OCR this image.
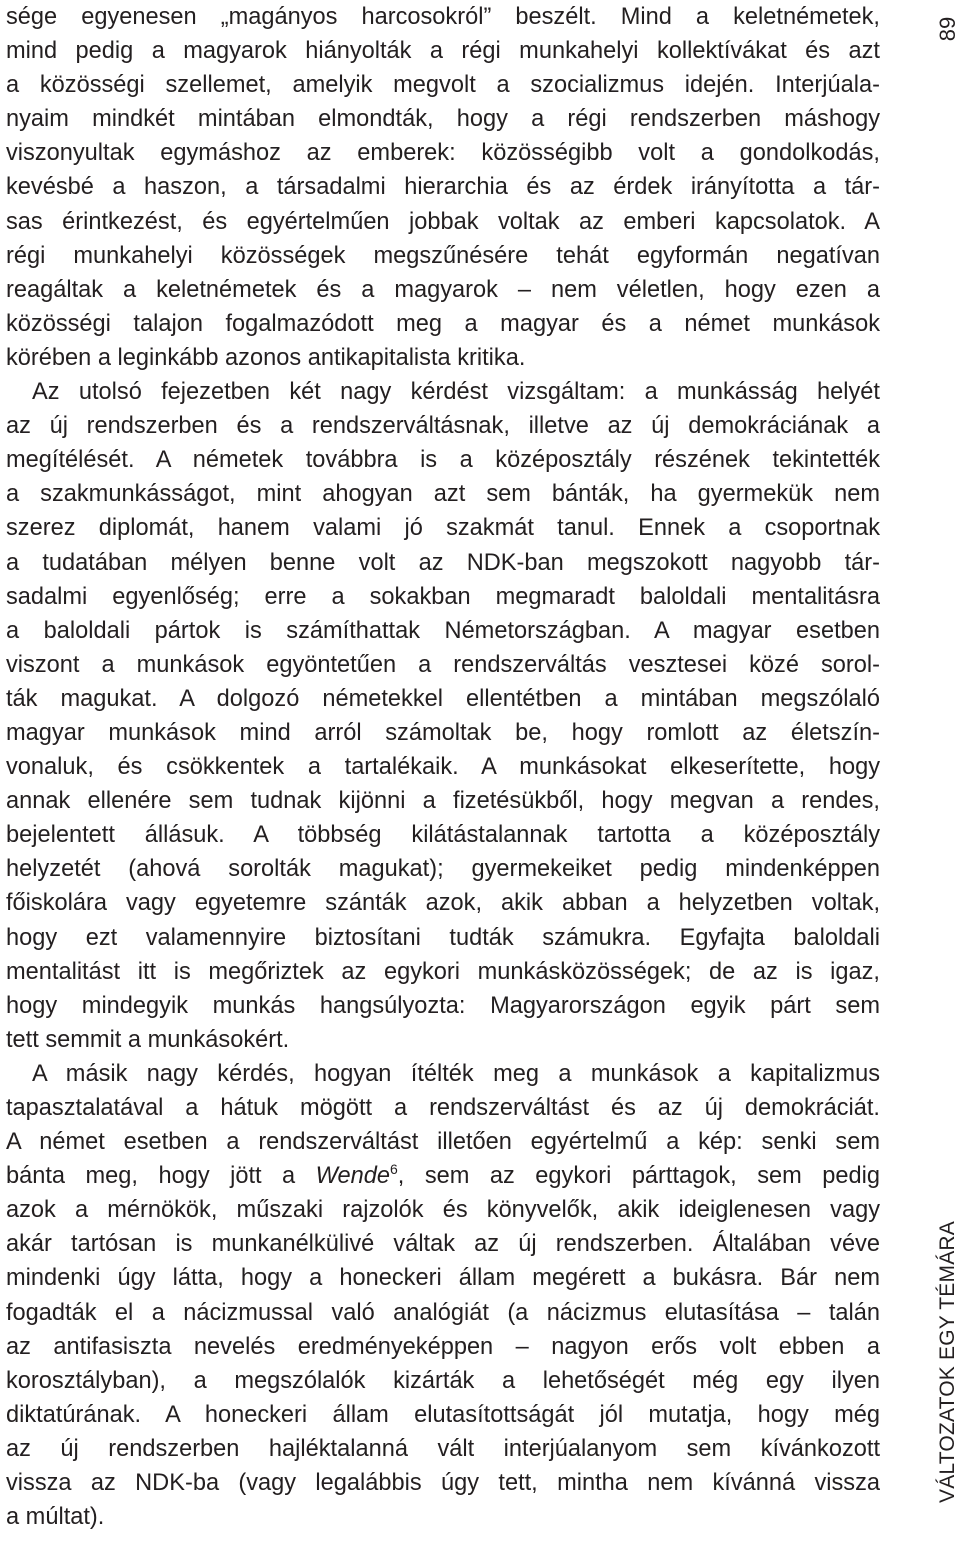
sége egyenesen „magányos harcosokról” beszélt. Mind a keletnémetek,
mind pedig a magyarok hiányolták a régi munkahelyi kollektívákat és azt
a közösségi szellemet, amelyik megvolt a szocializmus idején. Interjúala-
nyaim mindkét mintában elmondták, hogy a régi rendszerben máshogy
viszonyultak egymáshoz az emberek: közösségibb volt a gondolkodás,
kevésbé a haszon, a társadalmi hierarchia és az érdek irányította a tár-
sas érintkezést, és egyértelműen jobbak voltak az emberi kapcsolatok. A
régi munkahelyi közösségek megszűnésére tehát egyformán negatívan
reagáltak a keletnémetek és a magyarok – nem véletlen, hogy ezen a
közösségi talajon fogalmazódott meg a magyar és a német munkások
körében a leginkább azonos antikapitalista kritika.
Az utolsó fejezetben két nagy kérdést vizsgáltam: a munkásság helyét
az új rendszerben és a rendszerváltásnak, illetve az új demokráciának a
megítélését. A németek továbbra is a középosztály részének tekintették
a szakmunkásságot, mint ahogyan azt sem bánták, ha gyermekük nem
szerez diplomát, hanem valami jó szakmát tanul. Ennek a csoportnak
a tudatában mélyen benne volt az NDK-ban megszokott nagyobb tár-
sadalmi egyenlőség; erre a sokakban megmaradt baloldali mentalitásra
a baloldali pártok is számíthattak Németországban. A magyar esetben
viszont a munkások egyöntetűen a rendszerváltás vesztesei közé sorol-
ták magukat. A dolgozó németekkel ellentétben a mintában megszólaló
magyar munkások mind arról számoltak be, hogy romlott az életszín-
vonaluk, és csökkentek a tartalékaik. A munkásokat elkeserítette, hogy
annak ellenére sem tudnak kijönni a fizetésükből, hogy megvan a rendes,
bejelentett állásuk. A többség kilátástalannak tartotta a középosztály
helyzetét (ahová sorolták magukat); gyermekeiket pedig mindenképpen
főiskolára vagy egyetemre szánták azok, akik abban a helyzetben voltak,
hogy ezt valamennyire biztosítani tudták számukra. Egyfajta baloldali
mentalitást itt is megőriztek az egykori munkásközösségek; de az is igaz,
hogy mindegyik munkás hangsúlyozta: Magyarországon egyik párt sem
tett semmit a munkásokért.
A másik nagy kérdés, hogyan ítélték meg a munkások a kapitalizmus
tapasztalatával a hátuk mögött a rendszerváltást és az új demokráciát.
A német esetben a rendszerváltást illetően egyértelmű a kép: senki sem
bánta meg, hogy jött a Wende$^6$, sem az egykori párttagok, sem pedig
azok a mérnökök, műszaki rajzolók és könyvelők, akik ideiglenesen vagy
akár tartósan is munkanélkülivé váltak az új rendszerben. Általában véve
mindenki úgy látta, hogy a honeckeri állam megérett a bukásra. Bár nem
fogadták el a nácizmussal való analógiát (a nácizmus elutasítása – talán
az antifasiszta nevelés eredményeképpen – nagyon erős volt ebben a
korosztályban), a megszólalók kizárták a lehetőségét még egy ilyen
diktatúrának. A honeckeri állam elutasítottságát jól mutatja, hogy még
az új rendszerben hajléktalanná vált interjúalanyom sem kívánkozott
vissza az NDK-ba (vagy legalábbis úgy tett, mintha nem kívánná vissza
a múltat).
89
VÁLTOZATOK EGY TÉMÁRA
